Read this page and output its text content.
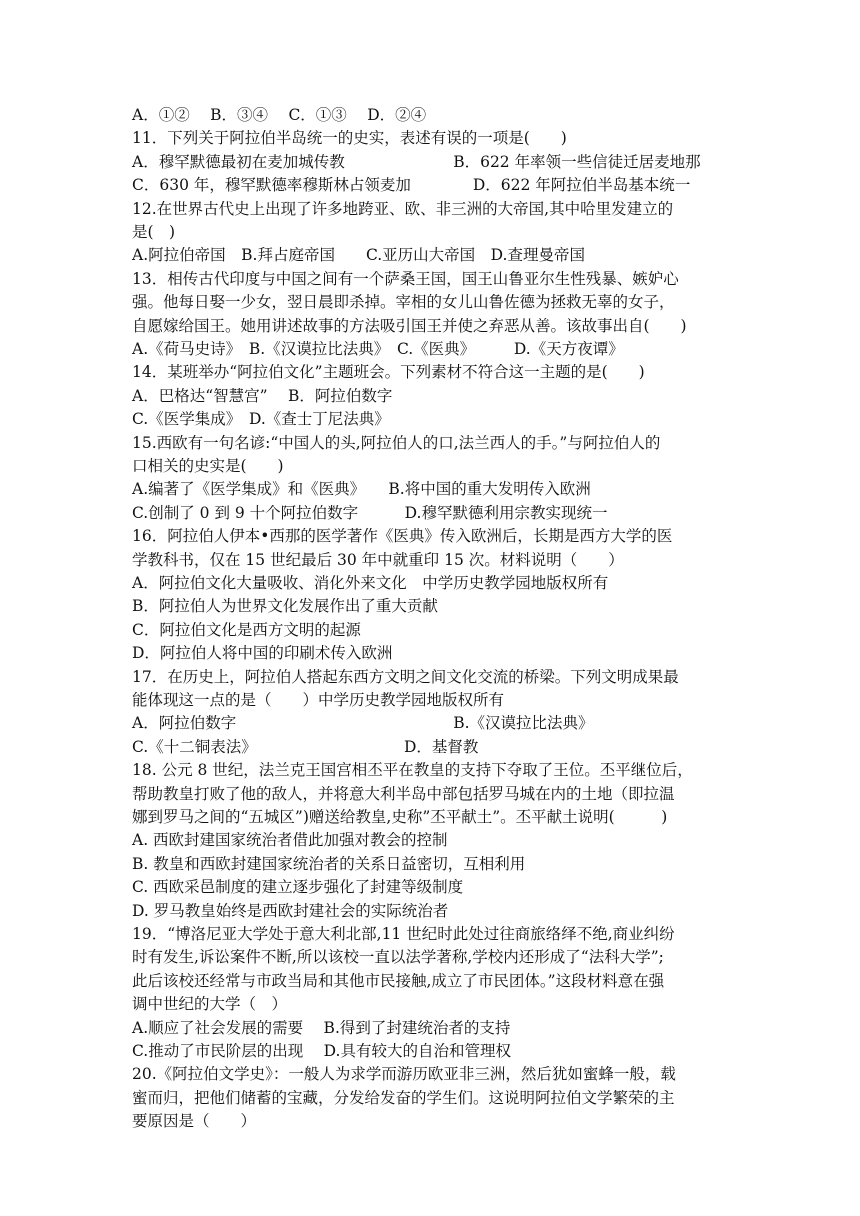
A．①②　 B．③④　 C．①③　 D．②④
11．下列关于阿拉伯半岛统一的史实，表述有误的一项是(　　)
A．穆罕默德最初在麦加城传教　　　　　　　B．622 年率领一些信徒迁居麦地那
C．630 年，穆罕默德率穆斯林占领麦加　　　　D．622 年阿拉伯半岛基本统一
12.在世界古代史上出现了许多地跨亚、欧、非三洲的大帝国,其中哈里发建立的
是(　)
A.阿拉伯帝国　B.拜占庭帝国　　C.亚历山大帝国　D.查理曼帝国
13．相传古代印度与中国之间有一个萨桑王国，国王山鲁亚尔生性残暴、嫉妒心
强。他每日娶一少女，翌日晨即杀掉。宰相的女儿山鲁佐德为拯救无辜的女子，
自愿嫁给国王。她用讲述故事的方法吸引国王并使之弃恶从善。该故事出自(　　)
A.《荷马史诗》　B.《汉谟拉比法典》　C.《医典》　　　D.《天方夜谭》
14．某班举办“阿拉伯文化”主题班会。下列素材不符合这一主题的是(　　)
A．巴格达“智慧宫”　 B．阿拉伯数字
C.《医学集成》　D.《查士丁尼法典》
15.西欧有一句名谚:“中国人的头,阿拉伯人的口,法兰西人的手。”与阿拉伯人的
口相关的史实是(　　)
A.编著了《医学集成》和《医典》　　B.将中国的重大发明传入欧洲
C.创制了 0 到 9 十个阿拉伯数字　　　D.穆罕默德利用宗教实现统一
16．阿拉伯人伊本•西那的医学著作《医典》传入欧洲后，长期是西方大学的医
学教科书，仅在 15 世纪最后 30 年中就重印 15 次。材料说明（　　）
A．阿拉伯文化大量吸收、消化外来文化　中学历史教学园地版权所有
B．阿拉伯人为世界文化发展作出了重大贡献
C．阿拉伯文化是西方文明的起源
D．阿拉伯人将中国的印刷术传入欧洲
17．在历史上，阿拉伯人搭起东西方文明之间文化交流的桥梁。下列文明成果最
能体现这一点的是（　　）中学历史教学园地版权所有
A．阿拉伯数字　　　　　　　　　　　　　　B.《汉谟拉比法典》
C.《十二铜表法》　　　　　　　　　　D．基督教
18. 公元 8 世纪，法兰克王国宫相丕平在教皇的支持下夺取了王位。丕平继位后，
帮助教皇打败了他的敌人，并将意大利半岛中部包括罗马城在内的土地（即拉温
娜到罗马之间的“五城区”)赠送给教皇,史称”丕平献土”。丕平献土说明(　　　)
A. 西欧封建国家统治者借此加强对教会的控制
B. 教皇和西欧封建国家统治者的关系日益密切，互相利用
C. 西欧采邑制度的建立逐步强化了封建等级制度
D. 罗马教皇始终是西欧封建社会的实际统治者
19．“博洛尼亚大学处于意大利北部,11 世纪时此处过往商旅络绎不绝,商业纠纷
时有发生,诉讼案件不断,所以该校一直以法学著称,学校内还形成了“法科大学”;
此后该校还经常与市政当局和其他市民接触,成立了市民团体。”这段材料意在强
调中世纪的大学（　）
A.顺应了社会发展的需要　 B.得到了封建统治者的支持
C.推动了市民阶层的出现　 D.具有较大的自治和管理权
20.《阿拉伯文学史》：一般人为求学而游历欧亚非三洲，然后犹如蜜蜂一般，载
蜜而归，把他们储蓄的宝藏，分发给发奋的学生们。这说明阿拉伯文学繁荣的主
要原因是（　　）
